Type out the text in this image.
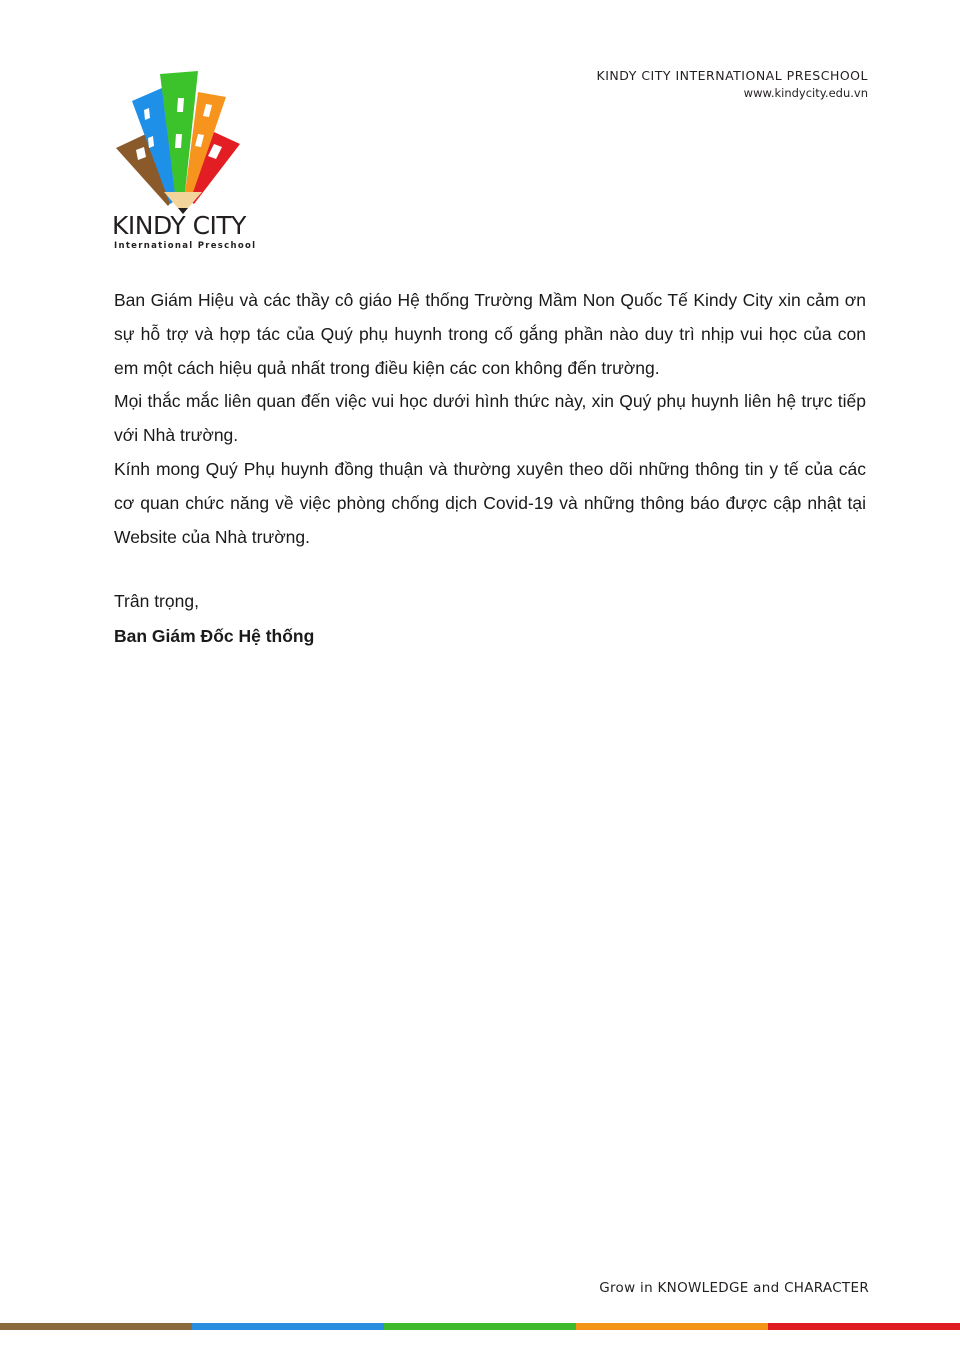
KINDY CITY
International Preschool
KINDY CITY INTERNATIONAL PRESCHOOL
www.kindycity.edu.vn

Ban Giám Hiệu và các thầy cô giáo Hệ thống Trường Mầm Non Quốc Tế Kindy City xin cảm ơn sự hỗ trợ và hợp tác của Quý phụ huynh trong cố gắng phần nào duy trì nhịp vui học của con em một cách hiệu quả nhất trong điều kiện các con không đến trường.

Mọi thắc mắc liên quan đến việc vui học dưới hình thức này, xin Quý phụ huynh liên hệ trực tiếp với Nhà trường.

Kính mong Quý Phụ huynh đồng thuận và thường xuyên theo dõi những thông tin y tế của các cơ quan chức năng về việc phòng chống dịch Covid-19 và những thông báo được cập nhật tại Website của Nhà trường.

Trân trọng,
Ban Giám Đốc Hệ thống
Grow in KNOWLEDGE and CHARACTER
